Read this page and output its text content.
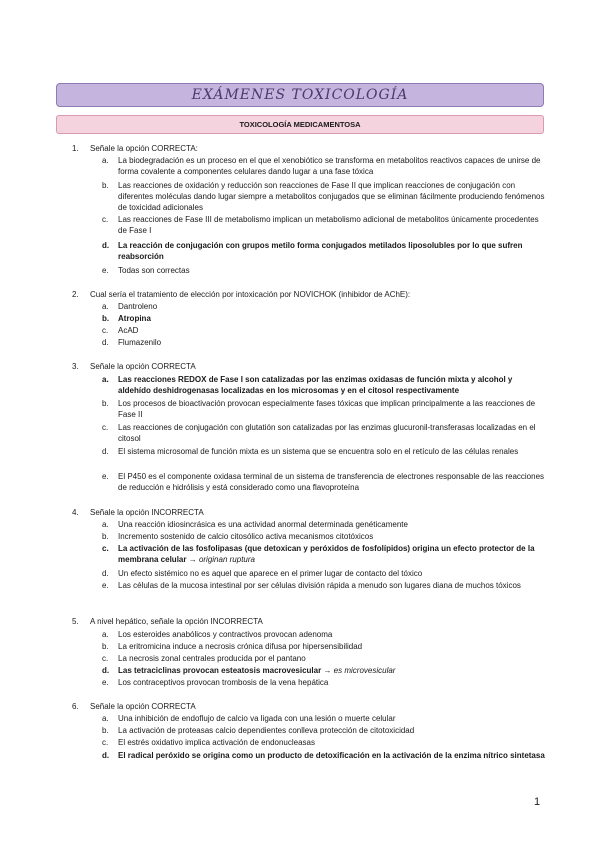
EXÁMENES TOXICOLOGÍA
TOXICOLOGÍA MEDICAMENTOSA
1. Señale la opción CORRECTA:
a. La biodegradación es un proceso en el que el xenobiótico se transforma en metabolitos reactivos capaces de unirse de forma covalente a componentes celulares dando lugar a una fase tóxica
b. Las reacciones de oxidación y reducción son reacciones de Fase II que implican reacciones de conjugación con diferentes moléculas dando lugar siempre a metabolitos conjugados que se eliminan fácilmente produciendo fenómenos de toxicidad adicionales
c. Las reacciones de Fase III de metabolismo implican un metabolismo adicional de metabolitos únicamente procedentes de Fase I
d. La reacción de conjugación con grupos metilo forma conjugados metilados liposolubles por lo que sufren reabsorción
e. Todas son correctas
2. Cual sería el tratamiento de elección por intoxicación por NOVICHOK (inhibidor de AChE):
a. Dantroleno
b. Atropina
c. AcAD
d. Flumazenilo
3. Señale la opción CORRECTA
a. Las reacciones REDOX de Fase I son catalizadas por las enzimas oxidasas de función mixta y alcohol y aldehído deshidrogenasas localizadas en los microsomas y en el citosol respectivamente
b. Los procesos de bioactivación provocan especialmente fases tóxicas que implican principalmente a las reacciones de Fase II
c. Las reacciones de conjugación con glutatión son catalizadas por las enzimas glucuronil-transferasas localizadas en el citosol
d. El sistema microsomal de función mixta es un sistema que se encuentra solo en el retículo de las células renales
e. El P450 es el componente oxidasa terminal de un sistema de transferencia de electrones responsable de las reacciones de reducción e hidrólisis y está considerado como una flavoproteína
4. Señale la opción INCORRECTA
a. Una reacción idiosincrásica es una actividad anormal determinada genéticamente
b. Incremento sostenido de calcio citosólico activa mecanismos citotóxicos
c. La activación de las fosfolipasas (que detoxican y peróxidos de fosfolípidos) origina un efecto protector de la membrana celular → originan ruptura
d. Un efecto sistémico no es aquel que aparece en el primer lugar de contacto del tóxico
e. Las células de la mucosa intestinal por ser células división rápida a menudo son lugares diana de muchos tóxicos
5. A nivel hepático, señale la opción INCORRECTA
a. Los esteroides anabólicos y contractivos provocan adenoma
b. La eritromicina induce a necrosis crónica difusa por hipersensibilidad
c. La necrosis zonal centrales producida por el pantano
d. Las tetraciclinas provocan esteatosis macrovesicular → es microvesicular
e. Los contraceptivos provocan trombosis de la vena hepática
6. Señale la opción CORRECTA
a. Una inhibición de endoflujo de calcio va ligada con una lesión o muerte celular
b. La activación de proteasas calcio dependientes conlleva protección de citotoxicidad
c. El estrés oxidativo implica activación de endonucleasas
d. El radical peróxido se origina como un producto de detoxificación en la activación de la enzima nítrico sintetasa
1
